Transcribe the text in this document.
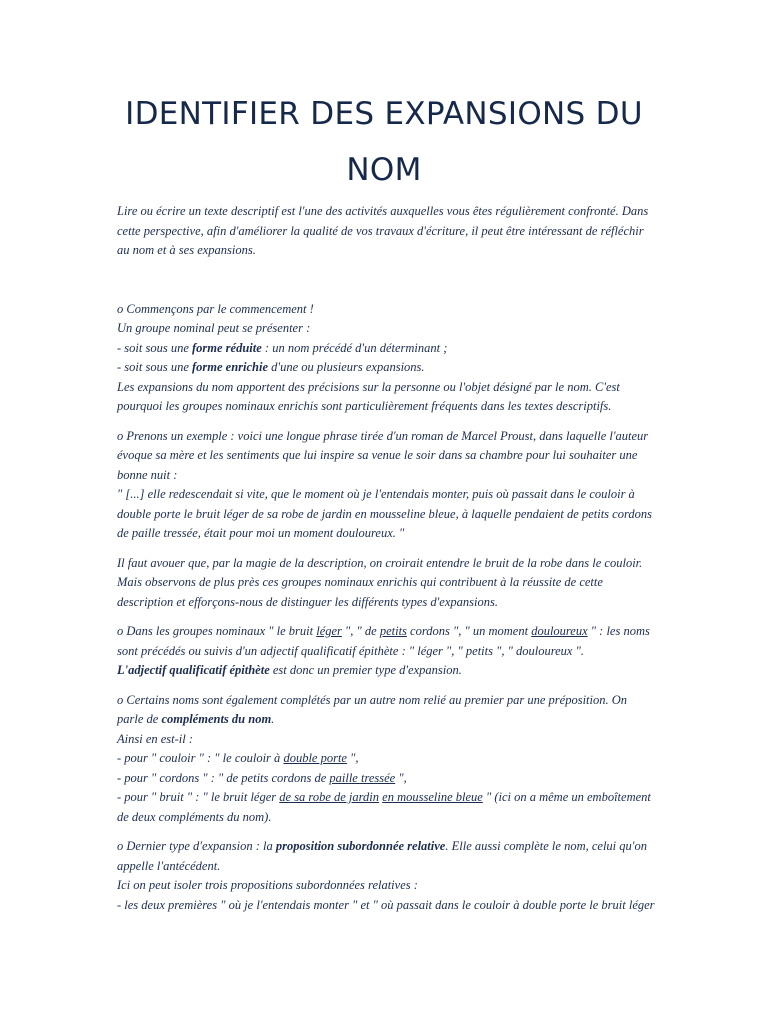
IDENTIFIER DES EXPANSIONS DU
NOM

Lire ou écrire un texte descriptif est l'une des activités auxquelles vous êtes régulièrement confronté. Dans cette perspective, afin d'améliorer la qualité de vos travaux d'écriture, il peut être intéressant de réfléchir au nom et à ses expansions.

o Commençons par le commencement !

Un groupe nominal peut se présenter :

- soit sous une forme réduite : un nom précédé d'un déterminant ;

- soit sous une forme enrichie d'une ou plusieurs expansions.

Les expansions du nom apportent des précisions sur la personne ou l'objet désigné par le nom. C'est pourquoi les groupes nominaux enrichis sont particulièrement fréquents dans les textes descriptifs.

o Prenons un exemple : voici une longue phrase tirée d'un roman de Marcel Proust, dans laquelle l'auteur évoque sa mère et les sentiments que lui inspire sa venue le soir dans sa chambre pour lui souhaiter une bonne nuit :

" [...] elle redescendait si vite, que le moment où je l'entendais monter, puis où passait dans le couloir à double porte le bruit léger de sa robe de jardin en mousseline bleue, à laquelle pendaient de petits cordons de paille tressée, était pour moi un moment douloureux. "

Il faut avouer que, par la magie de la description, on croirait entendre le bruit de la robe dans le couloir. Mais observons de plus près ces groupes nominaux enrichis qui contribuent à la réussite de cette description et efforçons-nous de distinguer les différents types d'expansions.

o Dans les groupes nominaux " le bruit léger ", " de petits cordons ", " un moment douloureux " : les noms sont précédés ou suivis d'un adjectif qualificatif épithète : " léger ", " petits ", " douloureux ".

L'adjectif qualificatif épithète est donc un premier type d'expansion.

o Certains noms sont également complétés par un autre nom relié au premier par une préposition. On parle de compléments du nom.

Ainsi en est-il :

- pour " couloir " : " le couloir à double porte ",

- pour " cordons " : " de petits cordons de paille tressée ",

- pour " bruit " : " le bruit léger de sa robe de jardin en mousseline bleue " (ici on a même un emboîtement de deux compléments du nom).

o Dernier type d'expansion : la proposition subordonnée relative. Elle aussi complète le nom, celui qu'on appelle l'antécédent.

Ici on peut isoler trois propositions subordonnées relatives :

- les deux premières " où je l'entendais monter " et " où passait dans le couloir à double porte le bruit léger
